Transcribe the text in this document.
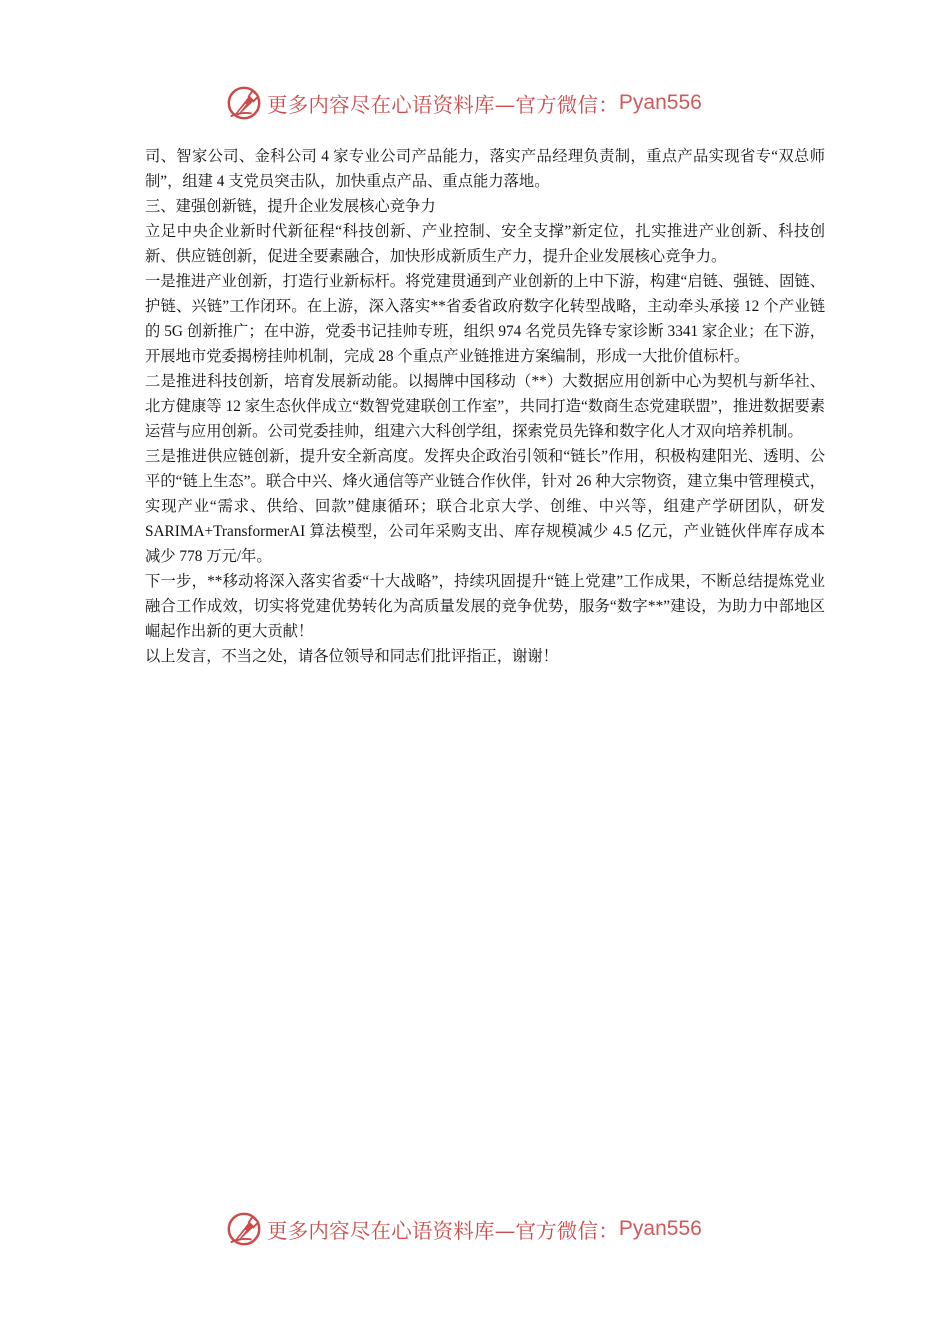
更多内容尽在心语资料库—官方微信： Pyan556

司、智家公司、金科公司 4 家专业公司产品能力，落实产品经理负责制，重点产品实现省专“双总师制”，组建 4 支党员突击队，加快重点产品、重点能力落地。

三、建强创新链，提升企业发展核心竞争力

立足中央企业新时代新征程“科技创新、产业控制、安全支撑”新定位，扎实推进产业创新、科技创新、供应链创新，促进全要素融合，加快形成新质生产力，提升企业发展核心竞争力。

一是推进产业创新，打造行业新标杆。将党建贯通到产业创新的上中下游，构建“启链、强链、固链、护链、兴链”工作闭环。在上游，深入落实**省委省政府数字化转型战略，主动牵头承接 12 个产业链的 5G 创新推广；在中游，党委书记挂帅专班，组织 974 名党员先锋专家诊断 3341 家企业；在下游，开展地市党委揭榜挂帅机制，完成 28 个重点产业链推进方案编制，形成一大批价值标杆。

二是推进科技创新，培育发展新动能。以揭牌中国移动（**）大数据应用创新中心为契机与新华社、北方健康等 12 家生态伙伴成立“数智党建联创工作室”，共同打造“数商生态党建联盟”，推进数据要素运营与应用创新。公司党委挂帅，组建六大科创学组，探索党员先锋和数字化人才双向培养机制。

三是推进供应链创新，提升安全新高度。发挥央企政治引领和“链长”作用，积极构建阳光、透明、公平的“链上生态”。联合中兴、烽火通信等产业链合作伙伴，针对 26 种大宗物资，建立集中管理模式，实现产业“需求、供给、回款”健康循环；联合北京大学、创维、中兴等，组建产学研团队，研发 SARIMA+TransformerAI 算法模型，公司年采购支出、库存规模减少 4.5 亿元，产业链伙伴库存成本减少 778 万元/年。

下一步，**移动将深入落实省委“十大战略”，持续巩固提升“链上党建”工作成果，不断总结提炼党业融合工作成效，切实将党建优势转化为高质量发展的竞争优势，服务“数字**”建设，为助力中部地区崛起作出新的更大贡献！

以上发言，不当之处，请各位领导和同志们批评指正，谢谢！

更多内容尽在心语资料库—官方微信： Pyan556
